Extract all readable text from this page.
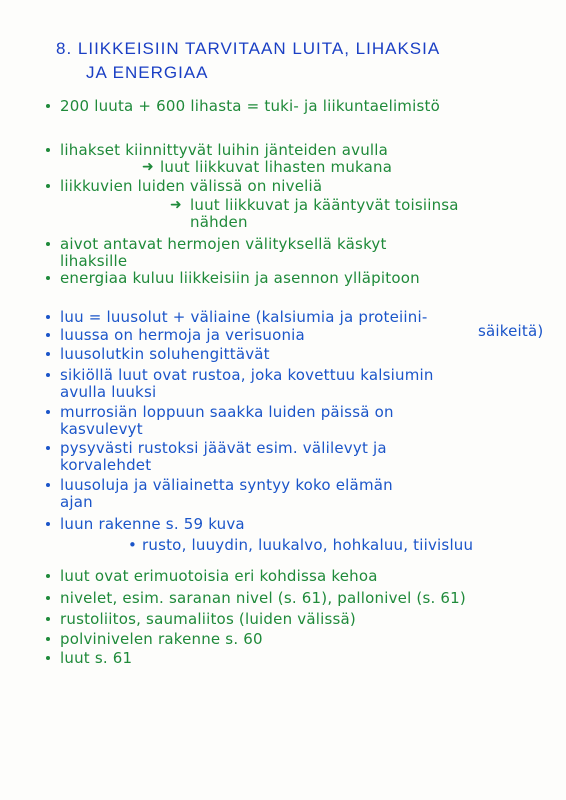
8. LIIKKEISIIN TARVITAAN LUITA, LIHAKSIA
JA ENERGIAA
200 luuta + 600 lihasta = tuki- ja liikuntaelimistö
lihakset kiinnittyvät luihin jänteiden avulla
➜ luut liikkuvat lihasten mukana
liikkuvien luiden välissä on niveliä
➜ luut liikkuvat ja kääntyvät toisiinsa
nähden
aivot antavat hermojen välityksellä käskyt
lihaksille
energiaa kuluu liikkeisiin ja asennon ylläpitoon
luu = luusolut + väliaine (kalsiumia ja proteiini-
säikeitä)
luussa on hermoja ja verisuonia
luusolutkin soluhengittävät
sikiöllä luut ovat rustoa, joka kovettuu kalsiumin
avulla luuksi
murrosiän loppuun saakka luiden päissä on
kasvulevyt
pysyvästi rustoksi jäävät esim. välilevyt ja
korvalehdet
luusoluja ja väliainetta syntyy koko elämän
ajan
luun rakenne s. 59 kuva
• rusto, luuydin, luukalvo, hohkaluu, tiivisluu
luut ovat erimuotoisia eri kohdissa kehoa
nivelet, esim. saranan nivel (s. 61), pallonivel (s. 61)
rustoliitos, saumaliitos (luiden välissä)
polvinivelen rakenne s. 60
luut s. 61
